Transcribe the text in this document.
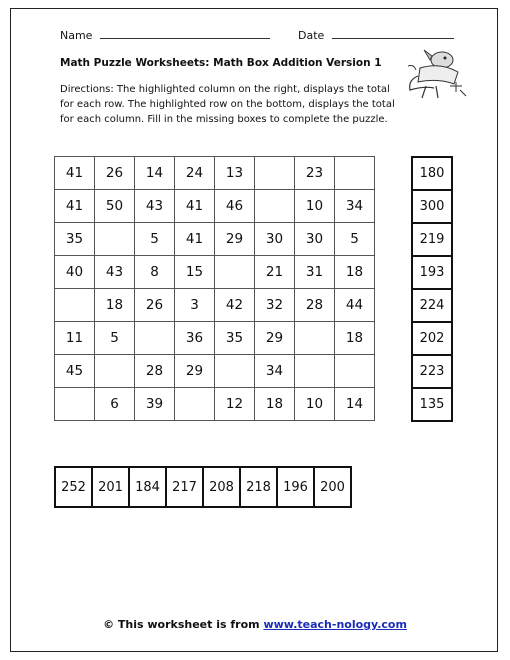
Name	Date
Math Puzzle Worksheets: Math Box Addition Version 1
Directions: The highlighted column on the right, displays the total for each row. The highlighted row on the bottom, displays the total for each column. Fill in the missing boxes to complete the puzzle.
41	26	14	24	13		23	
41	50	43	41	46		10	34
35		5	41	29	30	30	5
40	43	8	15		21	31	18
	18	26	3	42	32	28	44
11	5		36	35	29		18
45		28	29		34		
	6	39		12	18	10	14
180
300
219
193
224
202
223
135
252	201	184	217	208	218	196	200
© This worksheet is from www.teach-nology.com
